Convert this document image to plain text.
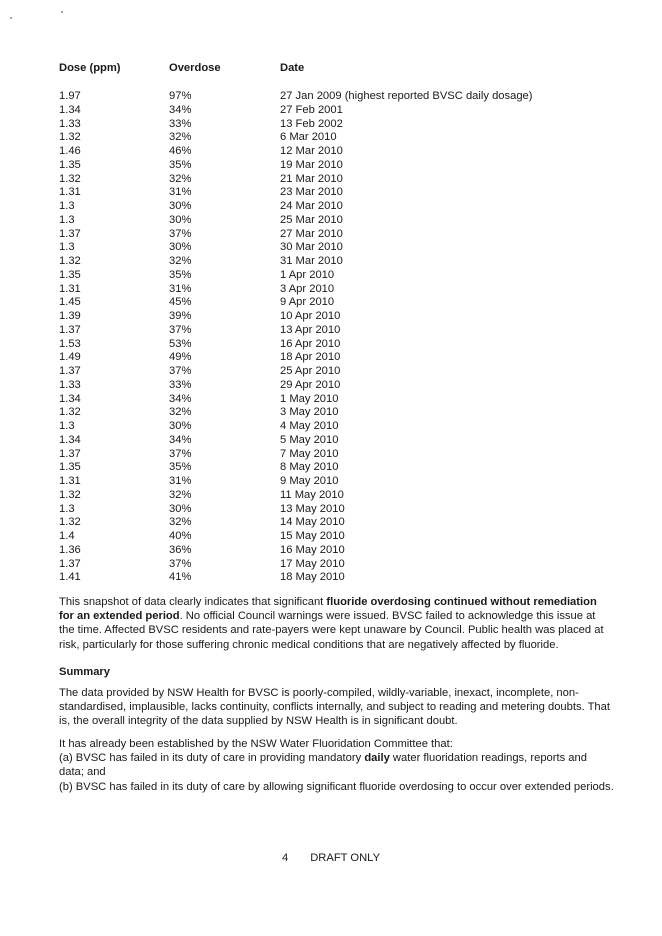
Dose (ppm)	Overdose	Date
1.97	97%	27 Jan 2009 (highest reported BVSC daily dosage)
1.34	34%	27 Feb 2001
1.33	33%	13 Feb 2002
1.32	32%	6 Mar 2010
1.46	46%	12 Mar 2010
1.35	35%	19 Mar 2010
1.32	32%	21 Mar 2010
1.31	31%	23 Mar 2010
1.3	30%	24 Mar 2010
1.3	30%	25 Mar 2010
1.37	37%	27 Mar 2010
1.3	30%	30 Mar 2010
1.32	32%	31 Mar 2010
1.35	35%	1 Apr 2010
1.31	31%	3 Apr 2010
1.45	45%	9 Apr 2010
1.39	39%	10 Apr 2010
1.37	37%	13 Apr 2010
1.53	53%	16 Apr 2010
1.49	49%	18 Apr 2010
1.37	37%	25 Apr 2010
1.33	33%	29 Apr 2010
1.34	34%	1 May 2010
1.32	32%	3 May 2010
1.3	30%	4 May 2010
1.34	34%	5 May 2010
1.37	37%	7 May 2010
1.35	35%	8 May 2010
1.31	31%	9 May 2010
1.32	32%	11 May 2010
1.3	30%	13 May 2010
1.32	32%	14 May 2010
1.4	40%	15 May 2010
1.36	36%	16 May 2010
1.37	37%	17 May 2010
1.41	41%	18 May 2010

This snapshot of data clearly indicates that significant fluoride overdosing continued without remediation for an extended period. No official Council warnings were issued. BVSC failed to acknowledge this issue at the time. Affected BVSC residents and rate-payers were kept unaware by Council. Public health was placed at risk, particularly for those suffering chronic medical conditions that are negatively affected by fluoride.

Summary

The data provided by NSW Health for BVSC is poorly-compiled, wildly-variable, inexact, incomplete, non-standardised, implausible, lacks continuity, conflicts internally, and subject to reading and metering doubts. That is, the overall integrity of the data supplied by NSW Health is in significant doubt.

It has already been established by the NSW Water Fluoridation Committee that:

(a) BVSC has failed in its duty of care in providing mandatory daily water fluoridation readings, reports and data; and

(b) BVSC has failed in its duty of care by allowing significant fluoride overdosing to occur over extended periods.

4 DRAFT ONLY
